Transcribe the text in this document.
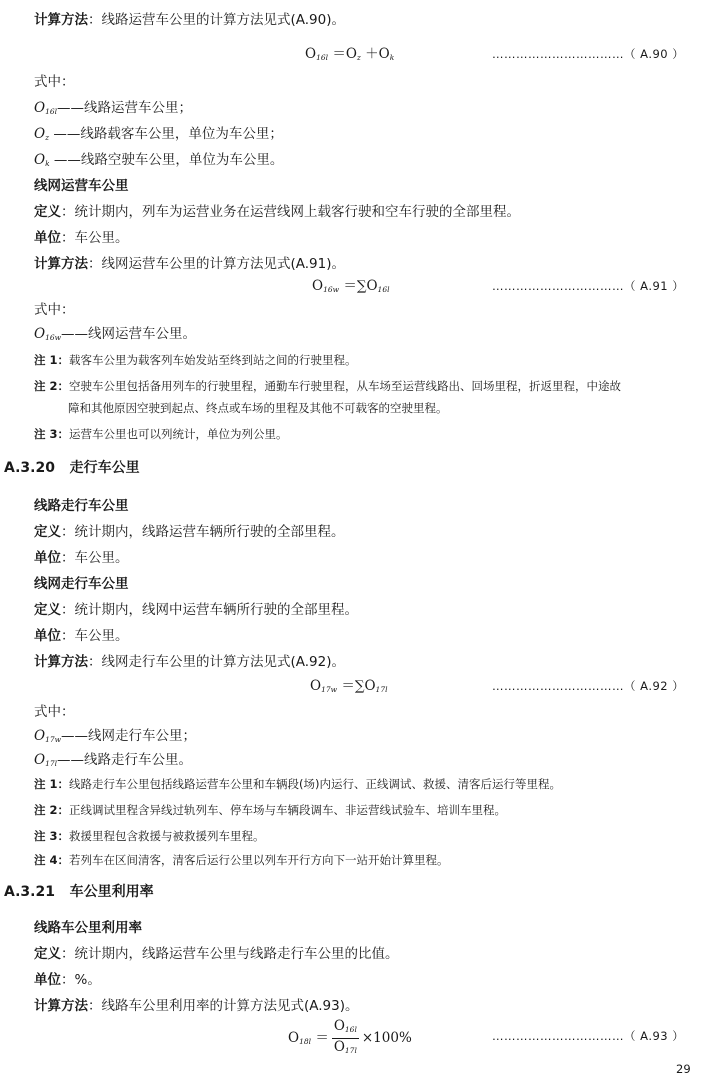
计算方法：线路运营车公里的计算方法见式(A.90)。
$O_{16l} =O_z +O_k$	……………………………（ A.90 ）
式中：
$O_{16l}——$线路运营车公里；
$O_z$ ——线路载客车公里，单位为车公里；
$O_k$ ——线路空驶车公里，单位为车公里。
线网运营车公里
定义：统计期内，列车为运营业务在运营线网上载客行驶和空车行驶的全部里程。
单位：车公里。
计算方法：线网运营车公里的计算方法见式(A.91)。
$O_{16w} =\sum O_{16l}$	……………………………（ A.91 ）
式中：
$O_{16w}——$线网运营车公里。
注 1：载客车公里为载客列车始发站至终到站之间的行驶里程。
注 2：空驶车公里包括备用列车的行驶里程，通勤车行驶里程，从车场至运营线路出、回场里程，折返里程，中途故
障和其他原因空驶到起点、终点或车场的里程及其他不可载客的空驶里程。
注 3：运营车公里也可以列统计，单位为列公里。
A.3.20 走行车公里
线路走行车公里
定义：统计期内，线路运营车辆所行驶的全部里程。
单位：车公里。
线网走行车公里
定义：统计期内，线网中运营车辆所行驶的全部里程。
单位：车公里。
计算方法：线网走行车公里的计算方法见式(A.92)。
$O_{17w} =\sum O_{17l}$	……………………………（ A.92 ）
式中：
$O_{17w}——$线网走行车公里；
$O_{17l}——$线路走行车公里。
注 1：线路走行车公里包括线路运营车公里和车辆段(场)内运行、正线调试、救援、清客后运行等里程。
注 2：正线调试里程含异线过轨列车、停车场与车辆段调车、非运营线试验车、培训车里程。
注 3：救援里程包含救援与被救援列车里程。
注 4：若列车在区间清客，清客后运行公里以列车开行方向下一站开始计算里程。
A.3.21 车公里利用率
线路车公里利用率
定义：统计期内，线路运营车公里与线路走行车公里的比值。
单位：%。
计算方法：线路车公里利用率的计算方法见式(A.93)。
$O_{18l} = \frac{O_{16l}}{O_{17l}} \times 100\%$	……………………………（ A.93 ）
29
